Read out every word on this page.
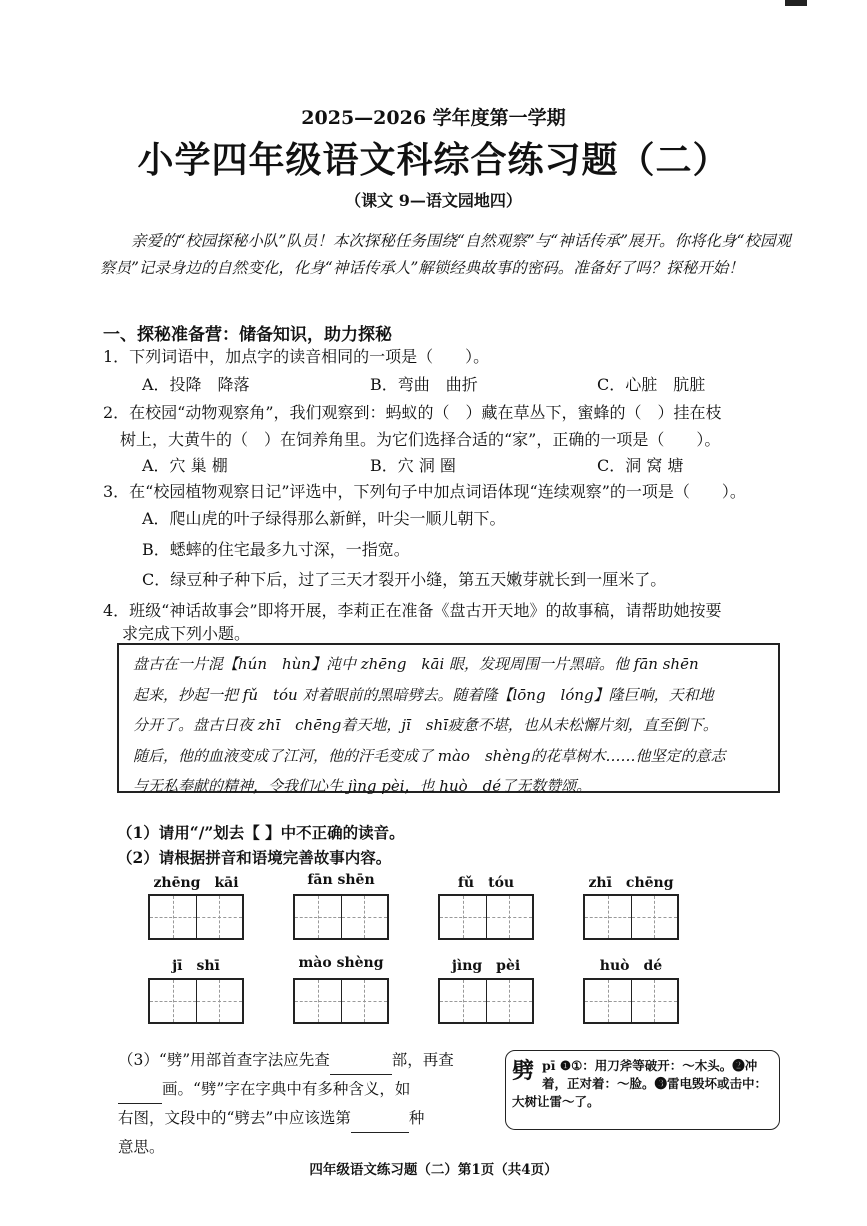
2025—2026 学年度第一学期
小学四年级语文科综合练习题（二）
（课文 9—语文园地四）
亲爱的“校园探秘小队”队员！本次探秘任务围绕“自然观察”与“神话传承”展开。你将化身“校园观察员”记录身边的自然变化，化身“神话传承人”解锁经典故事的密码。准备好了吗？探秘开始！
一、探秘准备营：储备知识，助力探秘
1．下列词语中，加点字的读音相同的一项是（　　）。
A．投降　降落	B．弯曲　曲折	C．心脏　肮脏
2．在校园“动物观察角”，我们观察到：蚂蚁的（　）藏在草丛下，蜜蜂的（　）挂在枝
树上，大黄牛的（　）在饲养角里。为它们选择合适的“家”，正确的一项是（　　）。
A．穴 巢 棚	B．穴 洞 圈	C．洞 窝 塘
3．在“校园植物观察日记”评选中，下列句子中加点词语体现“连续观察”的一项是（　　）。
A．爬山虎的叶子绿得那么新鲜，叶尖一顺儿朝下。
B．蟋蟀的住宅最多九寸深，一指宽。
C．绿豆种子种下后，过了三天才裂开小缝，第五天嫩芽就长到一厘米了。
4．班级“神话故事会”即将开展，李莉正在准备《盘古开天地》的故事稿，请帮助她按要
求完成下列小题。
盘古在一片混【hún　hùn】沌中 zhēng　kāi 眼，发现周围一片黑暗。他 fān shēn
起来，抄起一把 fǔ　tóu 对着眼前的黑暗劈去。随着隆【lōng　lóng】隆巨响，天和地
分开了。盘古日夜 zhī　chēng着天地，jī　shī疲惫不堪，也从未松懈片刻，直至倒下。
随后，他的血液变成了江河，他的汗毛变成了 mào　shèng的花草树木……他坚定的意志
与无私奉献的精神，令我们心生 jìng pèi，也 huò　dé了无数赞颂。
（1）请用“/”划去【 】中不正确的读音。
（2）请根据拼音和语境完善故事内容。
zhēng　kāi	fān shēn	fǔ　tóu	zhī　chēng
jī　shī	mào shèng	jìng　pèi	huò　dé
（3）“劈”用部首查字法应先查	部，再查
画。“劈”字在字典中有多种含义，如
右图，文段中的“劈去”中应该选第	种
意思。
劈 pī ❶①：用刀斧等破开：～木头。❷冲着，正对着：～脸。❸雷电毁坏或击中：大树让雷～了。
四年级语文练习题（二）第1页（共4页）
